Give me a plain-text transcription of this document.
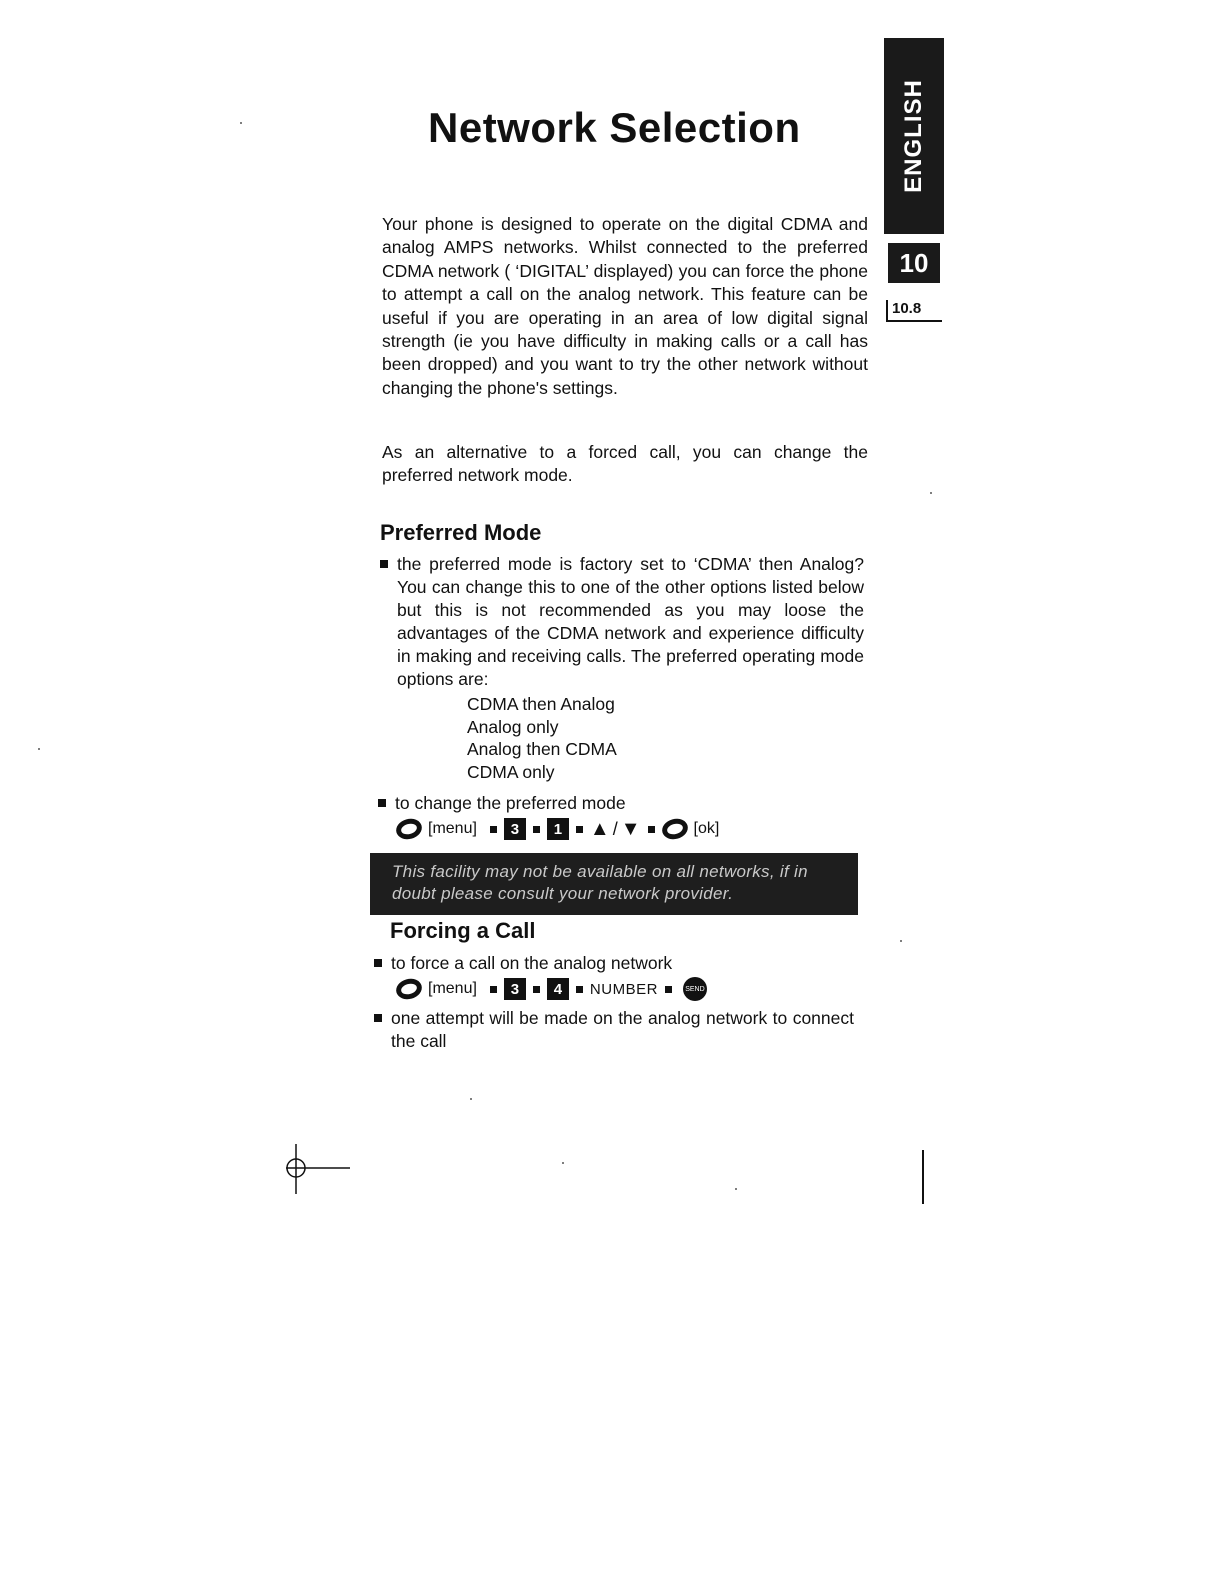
Network Selection	ENGLISH
10
10.8

Your phone is designed to operate on the digital CDMA and analog AMPS networks. Whilst connected to the preferred CDMA network ( ‘DIGITAL’ displayed) you can force the phone to attempt a call on the analog network. This feature can be useful if you are operating in an area of low digital signal strength (ie you have difficulty in making calls or a call has been dropped) and you want to try the other network without changing the phone's settings.

As an alternative to a forced call, you can change the preferred network mode.

Preferred Mode
the preferred mode is factory set to ‘CDMA’ then Analog? You can change this to one of the other options listed below but this is not recommended as you may loose the advantages of the CDMA network and experience difficulty in making and receiving calls. The preferred operating mode options are:
CDMA then Analog
Analog only
Analog then CDMA
CDMA only
to change the preferred mode
[menu]	3	1	▲ / ▼	[ok]
This facility may not be available on all networks, if in doubt please consult your network provider.
Forcing a Call
to force a call on the analog network
[menu]	3	4	NUMBER	SEND
one attempt will be made on the analog network to connect the call
